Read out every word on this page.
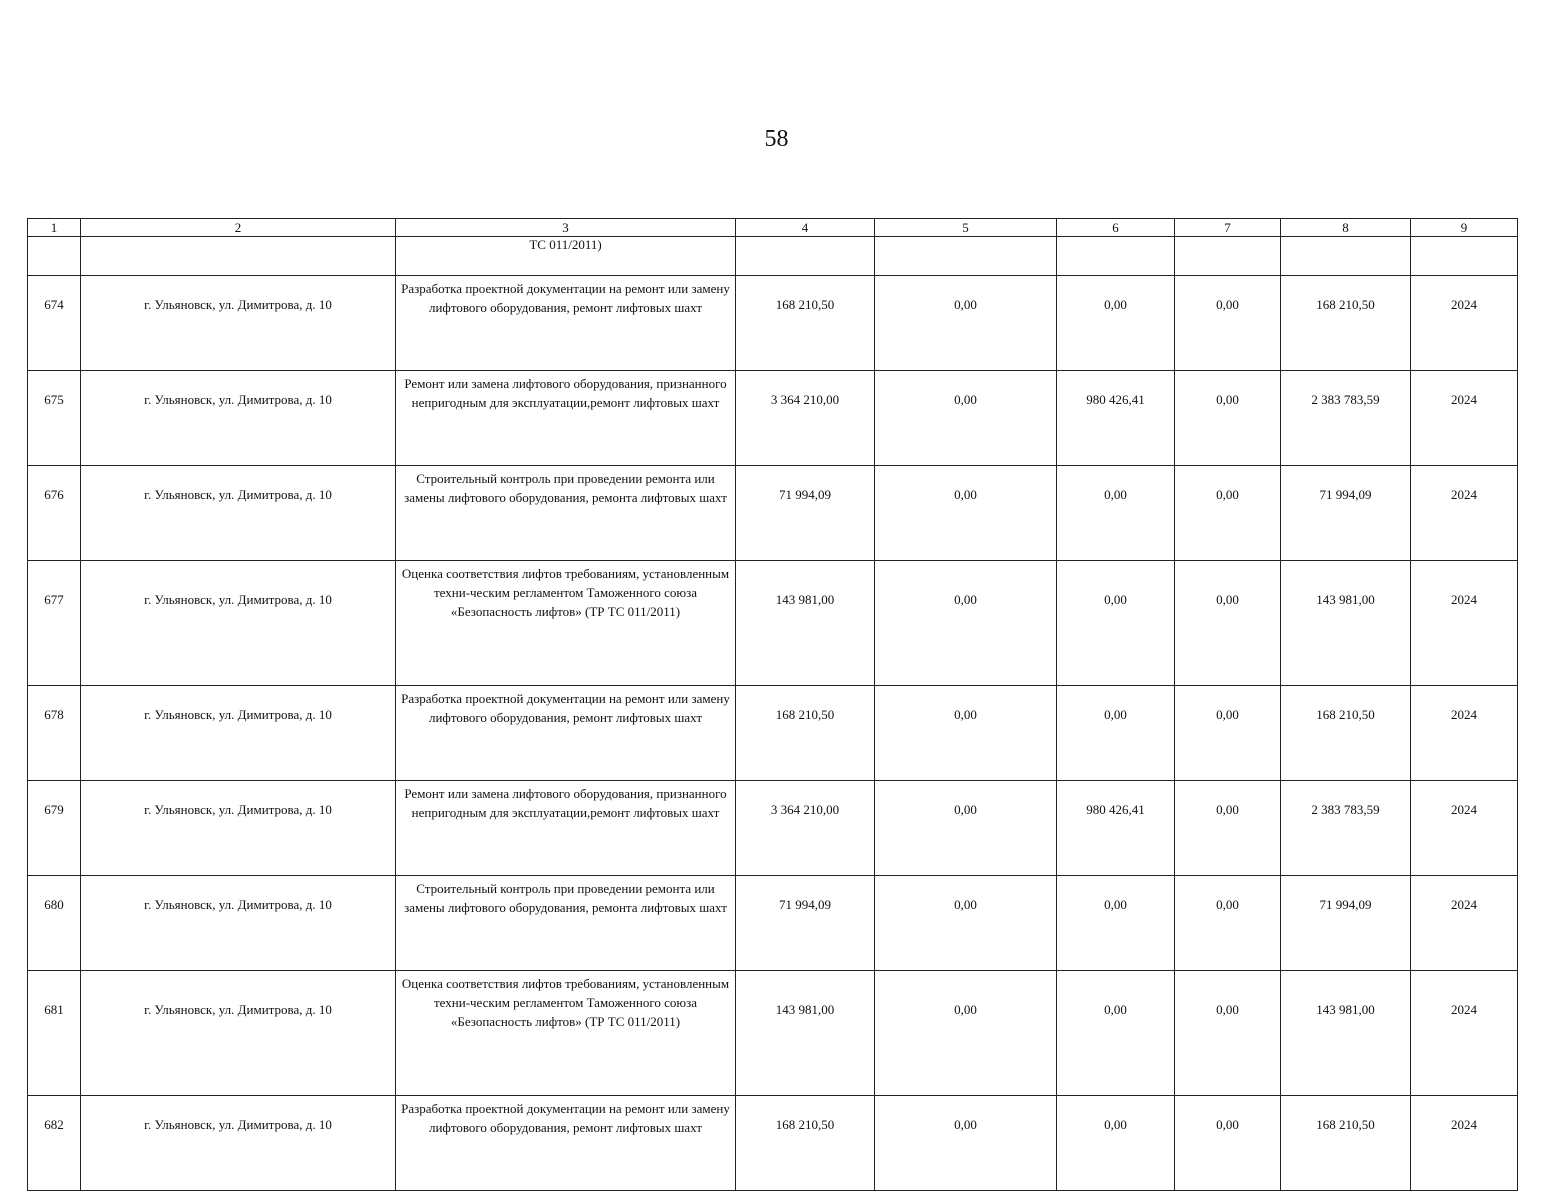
58
1	2	3	4	5	6	7	8	9
		ТС 011/2011)						
674	г. Ульяновск, ул. Димитрова, д. 10	Разработка проектной документации на ремонт или замену лифтового оборудования, ремонт лифтовых шахт	168 210,50	0,00	0,00	0,00	168 210,50	2024
675	г. Ульяновск, ул. Димитрова, д. 10	Ремонт или замена лифтового оборудования, признанного непригодным для эксплуатации,ремонт лифтовых шахт	3 364 210,00	0,00	980 426,41	0,00	2 383 783,59	2024
676	г. Ульяновск, ул. Димитрова, д. 10	Строительный контроль при проведении ремонта или замены лифтового оборудования, ремонта лифтовых шахт	71 994,09	0,00	0,00	0,00	71 994,09	2024
677	г. Ульяновск, ул. Димитрова, д. 10	Оценка соответствия лифтов требованиям, установленным техни-ческим регламентом Таможенного союза «Безопасность лифтов» (ТР ТС 011/2011)	143 981,00	0,00	0,00	0,00	143 981,00	2024
678	г. Ульяновск, ул. Димитрова, д. 10	Разработка проектной документации на ремонт или замену лифтового оборудования, ремонт лифтовых шахт	168 210,50	0,00	0,00	0,00	168 210,50	2024
679	г. Ульяновск, ул. Димитрова, д. 10	Ремонт или замена лифтового оборудования, признанного непригодным для эксплуатации,ремонт лифтовых шахт	3 364 210,00	0,00	980 426,41	0,00	2 383 783,59	2024
680	г. Ульяновск, ул. Димитрова, д. 10	Строительный контроль при проведении ремонта или замены лифтового оборудования, ремонта лифтовых шахт	71 994,09	0,00	0,00	0,00	71 994,09	2024
681	г. Ульяновск, ул. Димитрова, д. 10	Оценка соответствия лифтов требованиям, установленным техни-ческим регламентом Таможенного союза «Безопасность лифтов» (ТР ТС 011/2011)	143 981,00	0,00	0,00	0,00	143 981,00	2024
682	г. Ульяновск, ул. Димитрова, д. 10	Разработка проектной документации на ремонт или замену лифтового оборудования, ремонт лифтовых шахт	168 210,50	0,00	0,00	0,00	168 210,50	2024
